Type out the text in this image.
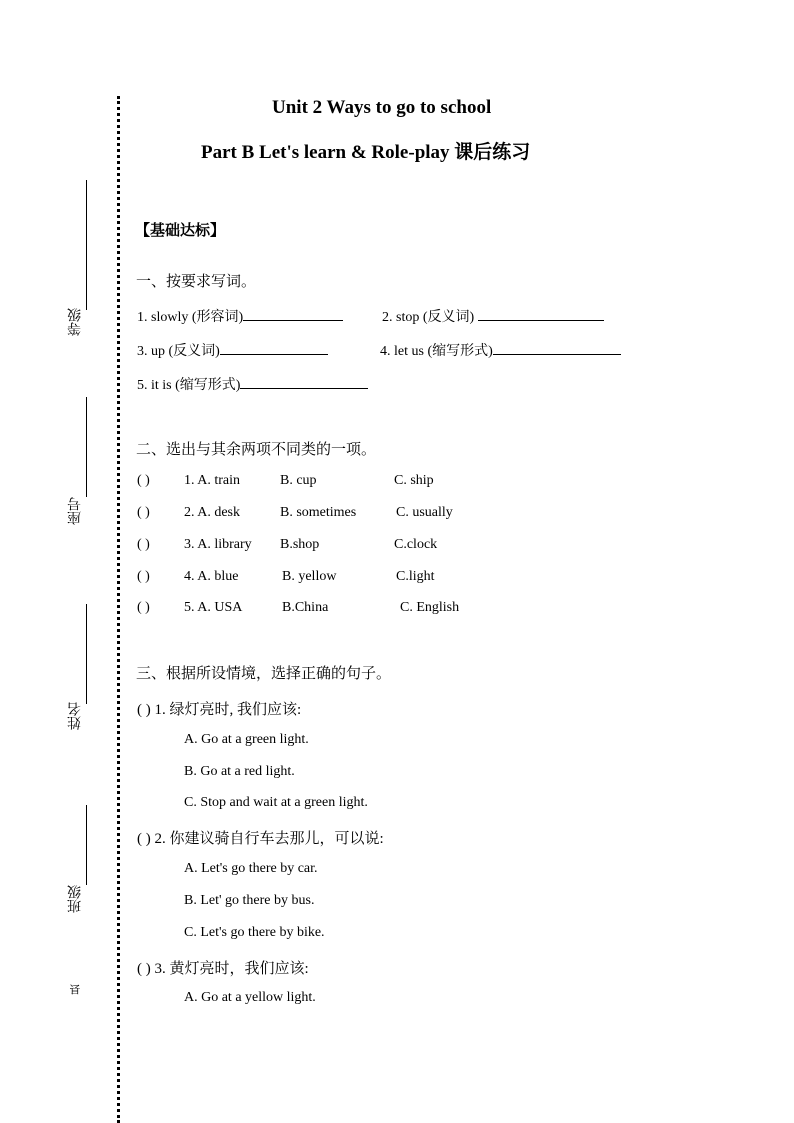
等级
座号
姓名
班级
县
Unit 2 Ways to go to school
Part B Let's learn & Role-play 课后练习
【基础达标】
一、按要求写词。
1. slowly (形容词)	2. stop (反义词)
3. up (反义词)	4. let us (缩写形式)
5. it is (缩写形式)
二、选出与其余两项不同类的一项。
( ) 1. A. train	B. cup	C. ship
( ) 2. A. desk	B. sometimes	C. usually
( ) 3. A. library B.shop	C.clock
( ) 4. A. blue	B. yellow	C.light
( ) 5. A. USA	B.China	C. English
三、根据所设情境，选择正确的句子。
( ) 1. 绿灯亮时, 我们应该:
A. Go at a green light.
B. Go at a red light.
C. Stop and wait at a green light.
( ) 2. 你建议骑自行车去那儿，可以说:
A. Let's go there by car.
B. Let' go there by bus.
C. Let's go there by bike.
( ) 3. 黄灯亮时，我们应该:
A. Go at a yellow light.
